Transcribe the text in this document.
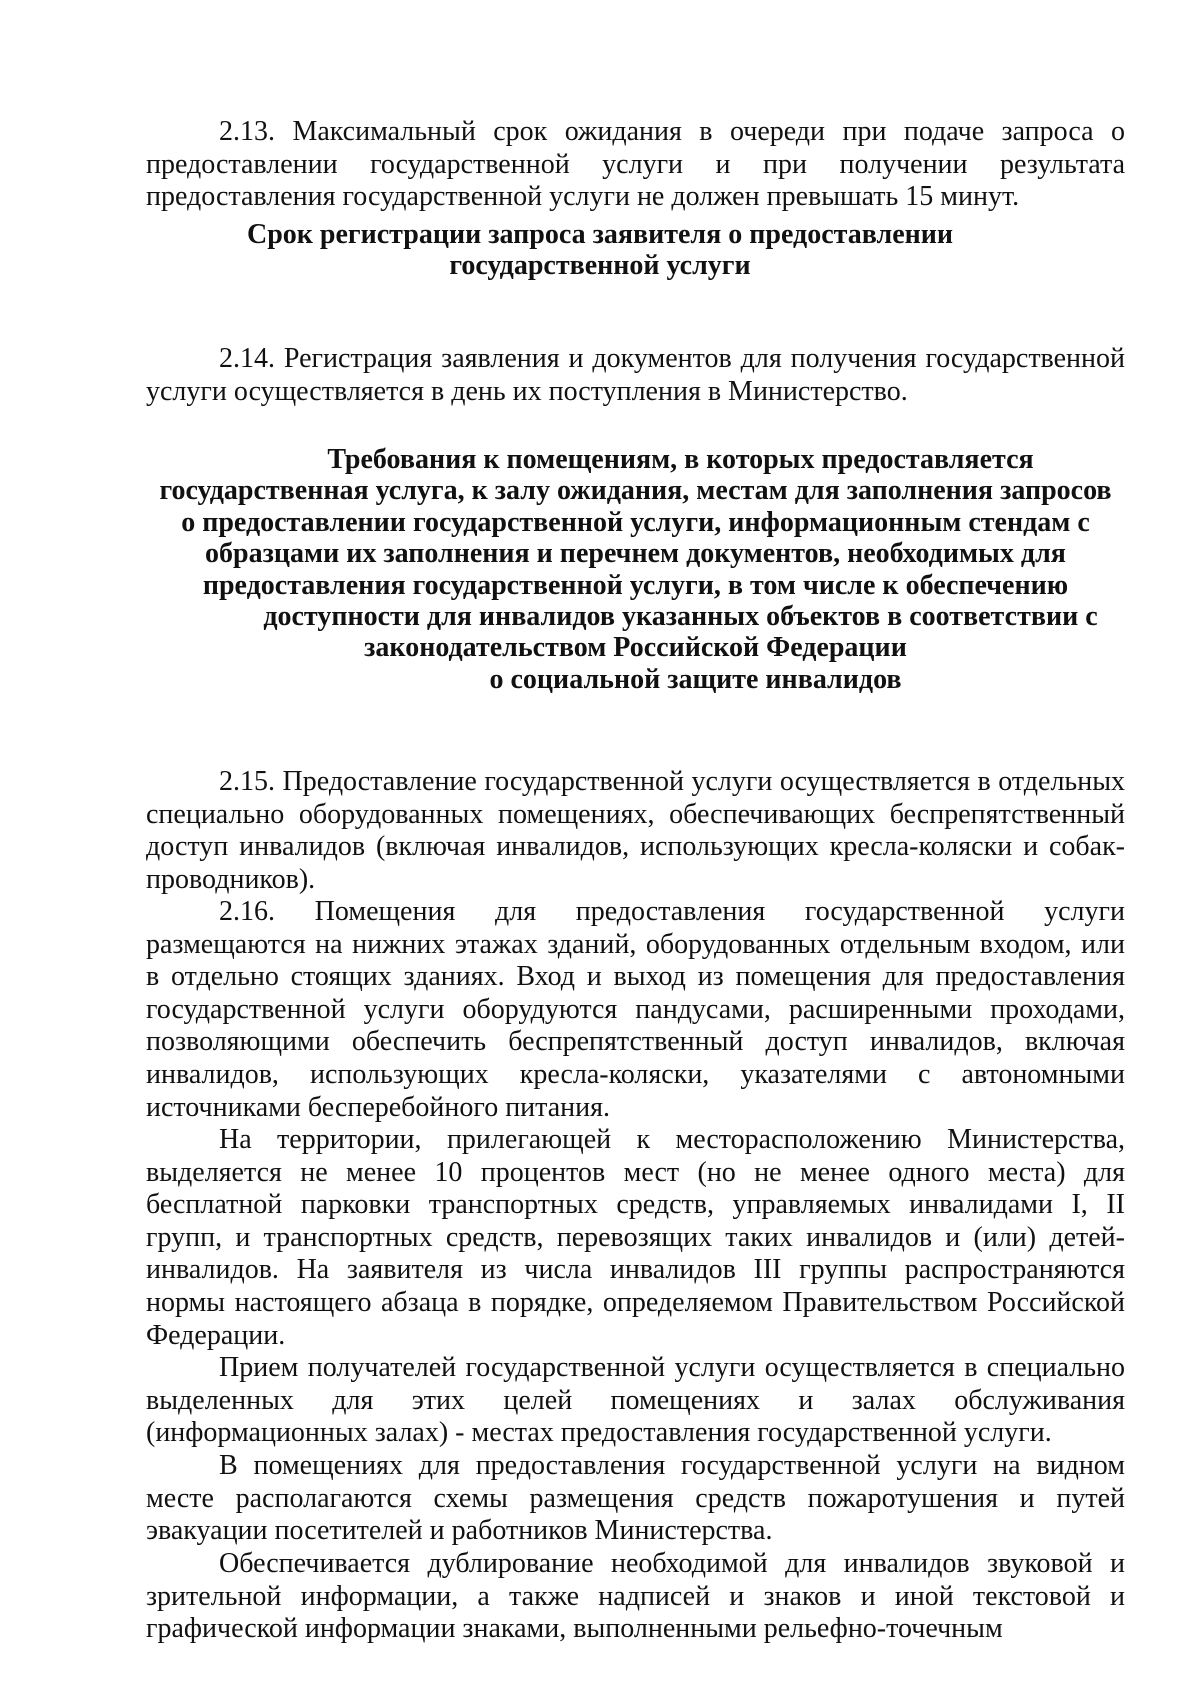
2.13. Максимальный срок ожидания в очереди при подаче запроса о предоставлении государственной услуги и при получении результата предоставления государственной услуги не должен превышать 15 минут.

Срок регистрации запроса заявителя о предоставлении
государственной услуги

2.14. Регистрация заявления и документов для получения государственной услуги осуществляется в день их поступления в Министерство.

Требования к помещениям, в которых предоставляется
государственная услуга, к залу ожидания, местам для заполнения запросов
о предоставлении государственной услуги, информационным стендам с
образцами их заполнения и перечнем документов, необходимых для
предоставления государственной услуги, в том числе к обеспечению
доступности для инвалидов указанных объектов в соответствии с
законодательством Российской Федерации
о социальной защите инвалидов

2.15. Предоставление государственной услуги осуществляется в отдельных специально оборудованных помещениях, обеспечивающих беспрепятственный доступ инвалидов (включая инвалидов, использующих кресла-коляски и собак-проводников).

2.16. Помещения для предоставления государственной услуги размещаются на нижних этажах зданий, оборудованных отдельным входом, или в отдельно стоящих зданиях. Вход и выход из помещения для предоставления государственной услуги оборудуются пандусами, расширенными проходами, позволяющими обеспечить беспрепятственный доступ инвалидов, включая инвалидов, использующих кресла-коляски, указателями с автономными источниками бесперебойного питания.

На территории, прилегающей к месторасположению Министерства, выделяется не менее 10 процентов мест (но не менее одного места) для бесплатной парковки транспортных средств, управляемых инвалидами I, II групп, и транспортных средств, перевозящих таких инвалидов и (или) детей-инвалидов. На заявителя из числа инвалидов III группы распространяются нормы настоящего абзаца в порядке, определяемом Правительством Российской Федерации.

Прием получателей государственной услуги осуществляется в специально выделенных для этих целей помещениях и залах обслуживания (информационных залах) - местах предоставления государственной услуги.

В помещениях для предоставления государственной услуги на видном месте располагаются схемы размещения средств пожаротушения и путей эвакуации посетителей и работников Министерства.

Обеспечивается дублирование необходимой для инвалидов звуковой и зрительной информации, а также надписей и знаков и иной текстовой и графической информации знаками, выполненными рельефно-точечным
